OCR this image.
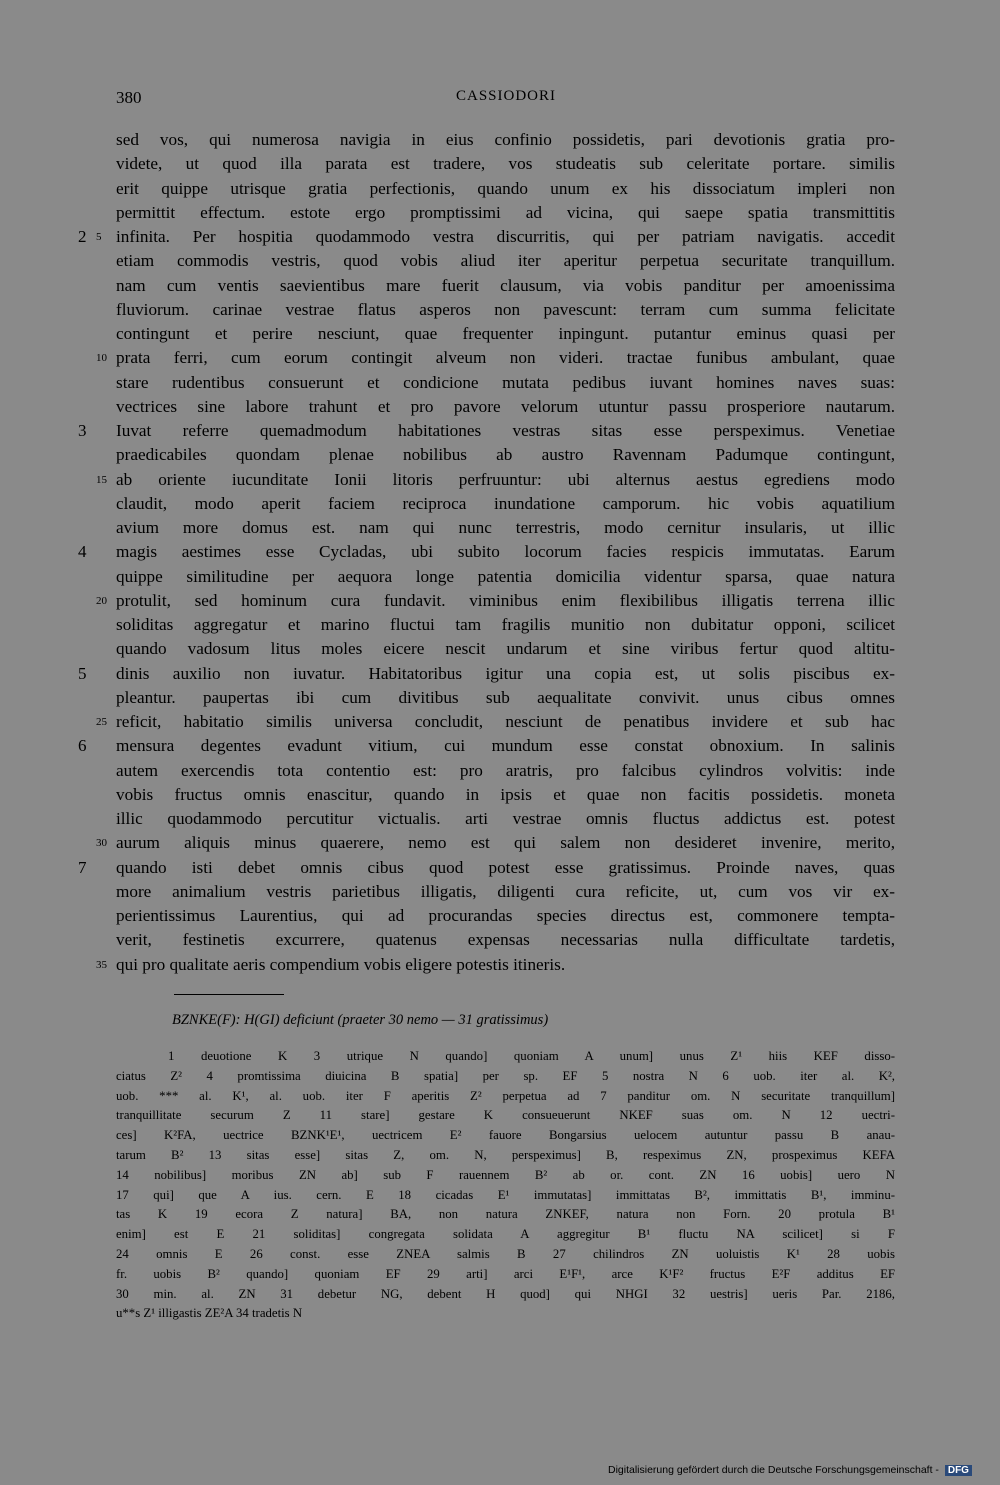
380	CASSIODORI
sed vos, qui numerosa navigia in eius confinio possidetis, pari devotionis gratia pro-
videte, ut quod illa parata est tradere, vos studeatis sub celeritate portare. similis
erit quippe utrisque gratia perfectionis, quando unum ex his dissociatum impleri non
permittit effectum. estote ergo promptissimi ad vicina, qui saepe spatia transmittitis
2 5 infinita. Per hospitia quodammodo vestra discurritis, qui per patriam navigatis. accedit
etiam commodis vestris, quod vobis aliud iter aperitur perpetua securitate tranquillum.
nam cum ventis saevientibus mare fuerit clausum, via vobis panditur per amoenissima
fluviorum. carinae vestrae flatus asperos non pavescunt: terram cum summa felicitate
contingunt et perire nesciunt, quae frequenter inpingunt. putantur eminus quasi per
10 prata ferri, cum eorum contingit alveum non videri. tractae funibus ambulant, quae
stare rudentibus consuerunt et condicione mutata pedibus iuvant homines naves suas:
vectrices sine labore trahunt et pro pavore velorum utuntur passu prosperiore nautarum.
3 Iuvat referre quemadmodum habitationes vestras sitas esse perspeximus. Venetiae
praedicabiles quondam plenae nobilibus ab austro Ravennam Padumque contingunt,
15 ab oriente iucunditate Ionii litoris perfruuntur: ubi alternus aestus egrediens modo
claudit, modo aperit faciem reciproca inundatione camporum. hic vobis aquatilium
avium more domus est. nam qui nunc terrestris, modo cernitur insularis, ut illic
4 magis aestimes esse Cycladas, ubi subito locorum facies respicis immutatas. Earum
quippe similitudine per aequora longe patentia domicilia videntur sparsa, quae natura
20 protulit, sed hominum cura fundavit. viminibus enim flexibilibus illigatis terrena illic
soliditas aggregatur et marino fluctui tam fragilis munitio non dubitatur opponi, scilicet
quando vadosum litus moles eicere nescit undarum et sine viribus fertur quod altitu-
5 dinis auxilio non iuvatur. Habitatoribus igitur una copia est, ut solis piscibus ex-
pleantur. paupertas ibi cum divitibus sub aequalitate convivit. unus cibus omnes
25 reficit, habitatio similis universa concludit, nesciunt de penatibus invidere et sub hac
6 mensura degentes evadunt vitium, cui mundum esse constat obnoxium. In salinis
autem exercendis tota contentio est: pro aratris, pro falcibus cylindros volvitis: inde
vobis fructus omnis enascitur, quando in ipsis et quae non facitis possidetis. moneta
illic quodammodo percutitur victualis. arti vestrae omnis fluctus addictus est. potest
30 aurum aliquis minus quaerere, nemo est qui salem non desideret invenire, merito,
7 quando isti debet omnis cibus quod potest esse gratissimus. Proinde naves, quas
more animalium vestris parietibus illigatis, diligenti cura reficite, ut, cum vos vir ex-
perientissimus Laurentius, qui ad procurandas species directus est, commonere tempta-
verit, festinetis excurrere, quatenus expensas necessarias nulla difficultate tardetis,
35 qui pro qualitate aeris compendium vobis eligere potestis itineris.
BZNKE(F): H(GI) deficiunt (praeter 30 nemo — 31 gratissimus)
1 deuotione K 3 utrique N quando] quoniam A unum] unus Z¹ hiis KEF disso-
ciatus Z² 4 promtissima diuicina B spatia] per sp. EF 5 nostra N 6 uob. iter al. K²,
uob. *** al. K¹, al. uob. iter F aperitis Z² perpetua ad 7 panditur om. N securitate tranquillum]
tranquillitate securum Z 11 stare] gestare K consueuerunt NKEF suas om. N 12 uectri-
ces] K²FA, uectrice BZNK¹E¹, uectricem E² fauore Bongarsius uelocem autuntur passu B anau-
tarum B² 13 sitas esse] sitas Z, om. N, perspeximus] B, respeximus ZN, prospeximus KEFA
14 nobilibus] moribus ZN ab] sub F rauennem B² ab or. cont. ZN 16 uobis] uero N
17 qui] que A ius. cern. E 18 cicadas E¹ immutatas] immittatas B², immittatis B¹, imminu-
tas K 19 ecora Z natura] BA, non natura ZNKEF, natura non Forn. 20 protula B¹
enim] est E 21 soliditas] congregata solidata A aggregitur B¹ fluctu NA scilicet] si F
24 omnis E 26 const. esse ZNEA salmis B 27 chilindros ZN uoluistis K¹ 28 uobis
fr. uobis B² quando] quoniam EF 29 arti] arci E¹F¹, arce K¹F² fructus E²F additus EF
30 min. al. ZN 31 debetur NG, debent H quod] qui NHGI 32 uestris] ueris Par. 2186,
u**s Z¹ illigastis ZE²A 34 tradetis N
Digitalisierung gefördert durch die Deutsche Forschungsgemeinschaft - DFG
